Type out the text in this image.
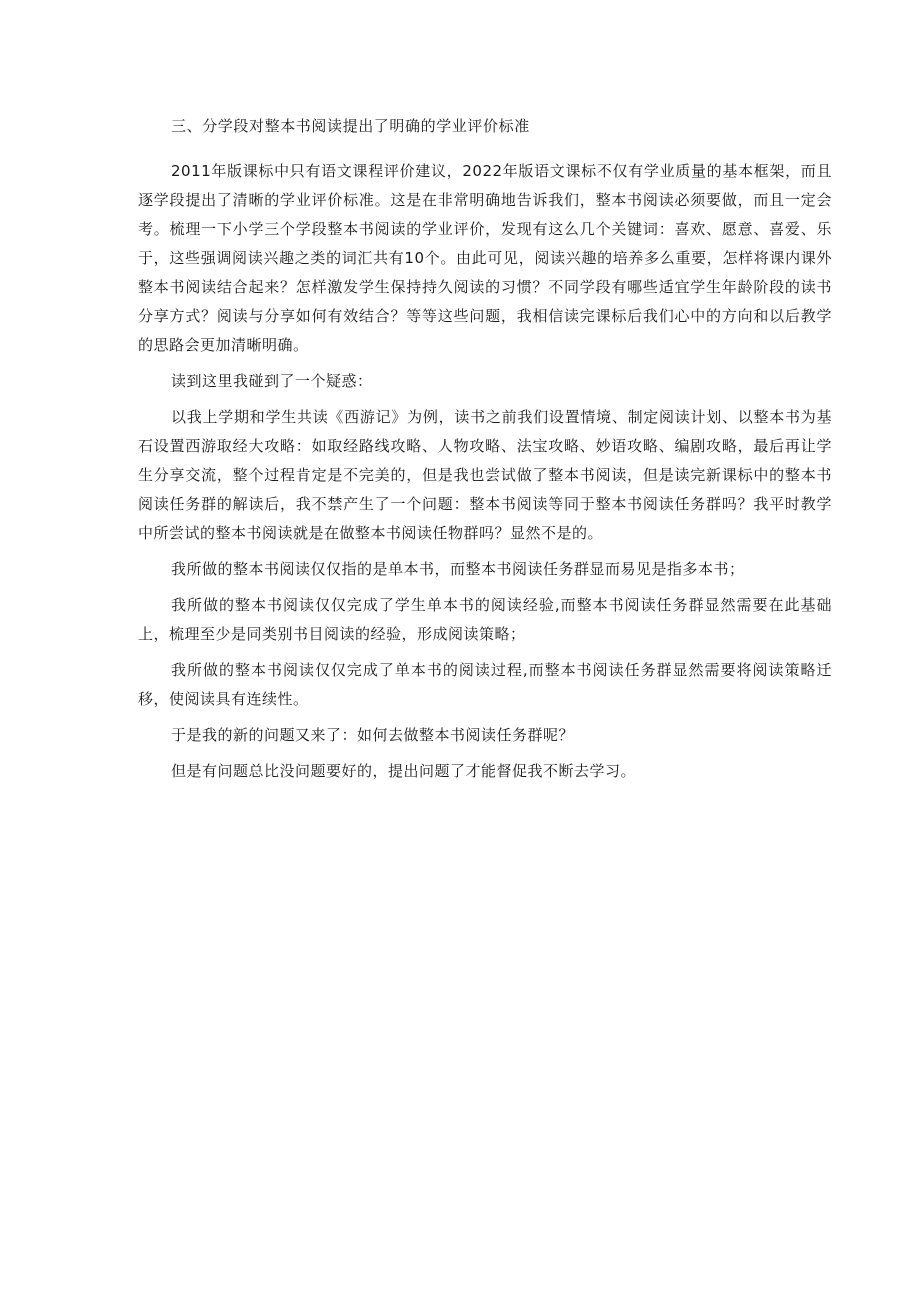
三、分学段对整本书阅读提出了明确的学业评价标准

2011年版课标中只有语文课程评价建议，2022年版语文课标不仅有学业质量的基本框架，而且逐学段提出了清晰的学业评价标准。这是在非常明确地告诉我们，整本书阅读必须要做，而且一定会考。梳理一下小学三个学段整本书阅读的学业评价，发现有这么几个关键词：喜欢、愿意、喜爱、乐于，这些强调阅读兴趣之类的词汇共有10个。由此可见，阅读兴趣的培养多么重要，怎样将课内课外整本书阅读结合起来？怎样激发学生保持持久阅读的习惯？不同学段有哪些适宜学生年龄阶段的读书分享方式？阅读与分享如何有效结合？等等这些问题，我相信读完课标后我们心中的方向和以后教学的思路会更加清晰明确。

读到这里我碰到了一个疑惑：

以我上学期和学生共读《西游记》为例，读书之前我们设置情境、制定阅读计划、以整本书为基石设置西游取经大攻略：如取经路线攻略、人物攻略、法宝攻略、妙语攻略、编剧攻略，最后再让学生分享交流，整个过程肯定是不完美的，但是我也尝试做了整本书阅读，但是读完新课标中的整本书阅读任务群的解读后，我不禁产生了一个问题：整本书阅读等同于整本书阅读任务群吗？我平时教学中所尝试的整本书阅读就是在做整本书阅读任物群吗？显然不是的。

我所做的整本书阅读仅仅指的是单本书，而整本书阅读任务群显而易见是指多本书；

我所做的整本书阅读仅仅完成了学生单本书的阅读经验,而整本书阅读任务群显然需要在此基础上，梳理至少是同类别书目阅读的经验，形成阅读策略；

我所做的整本书阅读仅仅完成了单本书的阅读过程,而整本书阅读任务群显然需要将阅读策略迁移，使阅读具有连续性。

于是我的新的问题又来了：如何去做整本书阅读任务群呢？

但是有问题总比没问题要好的，提出问题了才能督促我不断去学习。
